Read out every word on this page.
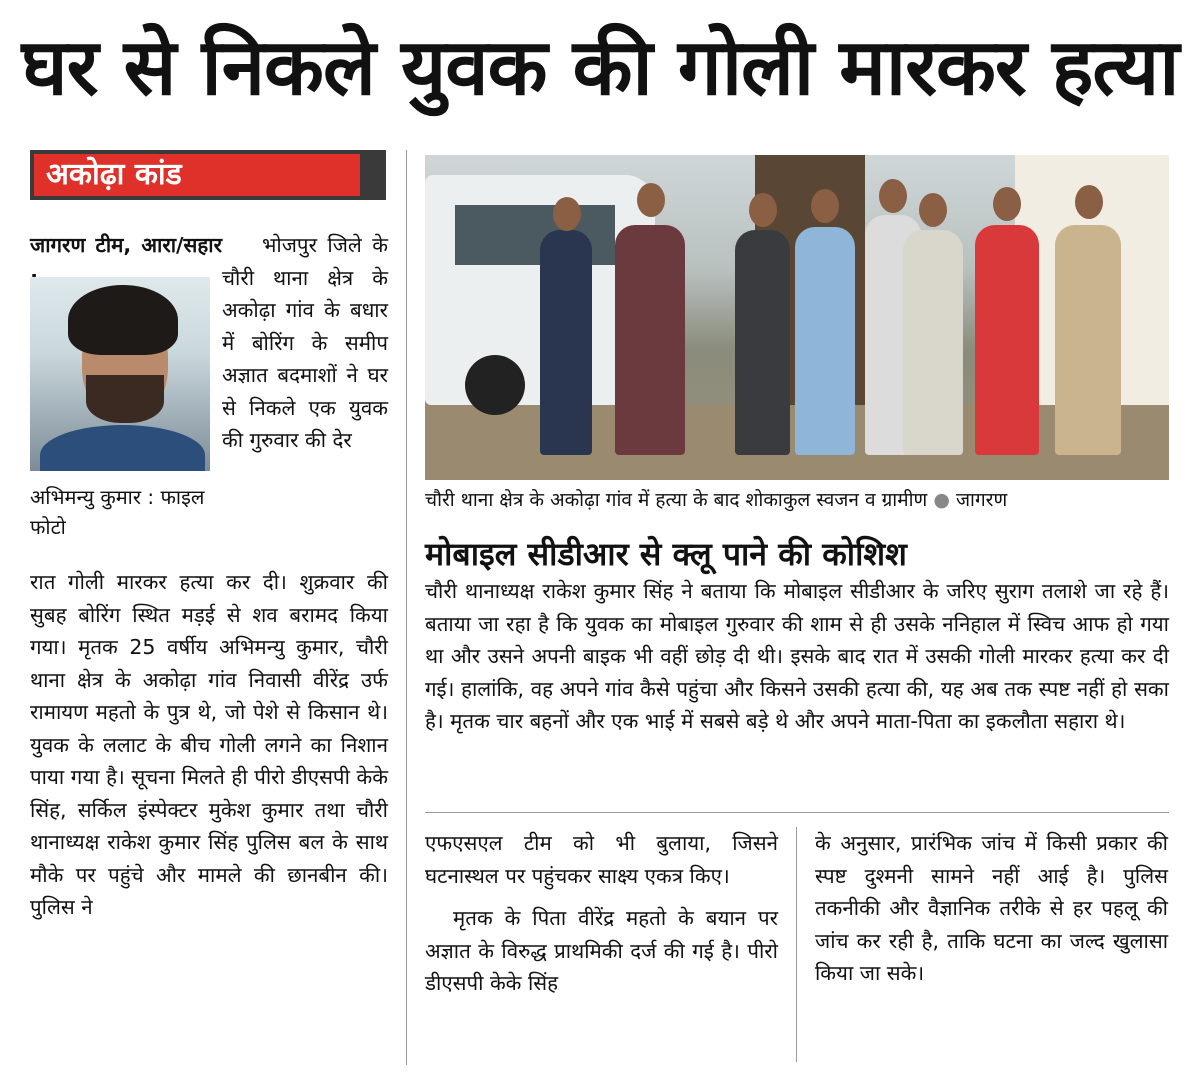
घर से निकले युवक की गोली मारकर हत्या
अकोढ़ा कांड
जागरण टीम, आरा/सहार	भोजपुर जिले के चौरी थाना क्षेत्र के अकोढ़ा गांव के बधार में बोरिंग के समीप अज्ञात बदमाशों ने घर से निकले एक युवक की गुरुवार की देर
अभिमन्यु कुमार : फाइल फोटो

रात गोली मारकर हत्या कर दी। शुक्रवार की सुबह बोरिंग स्थित मड़ई से शव बरामद किया गया। मृतक 25 वर्षीय अभिमन्यु कुमार, चौरी थाना क्षेत्र के अकोढ़ा गांव निवासी वीरेंद्र उर्फ रामायण महतो के पुत्र थे, जो पेशे से किसान थे। युवक के ललाट के बीच गोली लगने का निशान पाया गया है। सूचना मिलते ही पीरो डीएसपी केके सिंह, सर्किल इंस्पेक्टर मुकेश कुमार तथा चौरी थानाध्यक्ष राकेश कुमार सिंह पुलिस बल के साथ मौके पर पहुंचे और मामले की छानबीन की। पुलिस ने

चौरी थाना क्षेत्र के अकोढ़ा गांव में हत्या के बाद शोकाकुल स्वजन व ग्रामीण ● जागरण
मोबाइल सीडीआर से क्लू पाने की कोशिश

चौरी थानाध्यक्ष राकेश कुमार सिंह ने बताया कि मोबाइल सीडीआर के जरिए सुराग तलाशे जा रहे हैं। बताया जा रहा है कि युवक का मोबाइल गुरुवार की शाम से ही उसके ननिहाल में स्विच आफ हो गया था और उसने अपनी बाइक भी वहीं छोड़ दी थी। इसके बाद रात में उसकी गोली मारकर हत्या कर दी गई। हालांकि, वह अपने गांव कैसे पहुंचा और किसने उसकी हत्या की, यह अब तक स्पष्ट नहीं हो सका है। मृतक चार बहनों और एक भाई में सबसे बड़े थे और अपने माता-पिता का इकलौता सहारा थे।

एफएसएल टीम को भी बुलाया, जिसने घटनास्थल पर पहुंचकर साक्ष्य एकत्र किए।

मृतक के पिता वीरेंद्र महतो के बयान पर अज्ञात के विरुद्ध प्राथमिकी दर्ज की गई है। पीरो डीएसपी केके सिंह

के अनुसार, प्रारंभिक जांच में किसी प्रकार की स्पष्ट दुश्मनी सामने नहीं आई है। पुलिस तकनीकी और वैज्ञानिक तरीके से हर पहलू की जांच कर रही है, ताकि घटना का जल्द खुलासा किया जा सके।
